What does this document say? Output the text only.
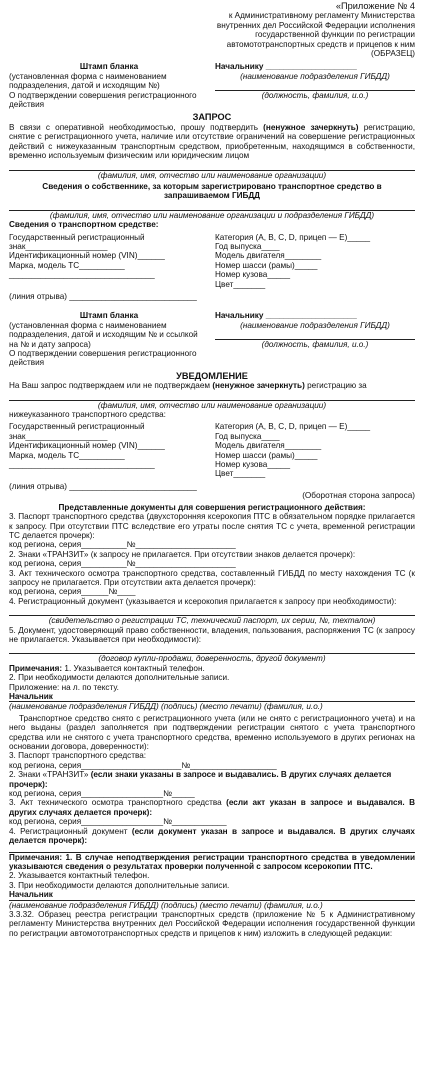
«Приложение № 4
к Административному регламенту Министерства
внутренних дел Российской Федерации исполнения
государственной функции по регистрации
автомототранспортных средств и прицепов к ним
(ОБРАЗЕЦ)
Штамп бланка
(установленная форма с наименованием подразделения, датой и исходящим №)
О подтверждении совершения регистрационного действия
Начальнику ____________________
(наименование подразделения ГИБДД)
(должность, фамилия, и.о.)
ЗАПРОС

В связи с оперативной необходимостью, прошу подтвердить (ненужное зачеркнуть) регистрацию, снятие с регистрационного учета, наличие или отсутствие ограничений на совершение регистрационных действий с нижеуказанным транспортным средством, приобретенным, находящимся в собственности, временно используемым физическим или юридическим лицом

(фамилия, имя, отчество или наименование организации)
Сведения о собственнике, за которым зарегистрировано транспортное средство в запрашиваемом ГИБДД
(фамилия, имя, отчество или наименование организации и подразделения ГИБДД)
Сведения о транспортном средстве:
Государственный регистрационный
знак__________________
Идентификационный номер (VIN)______
Марка, модель ТС__________
________________________________
Категория (A, B, C, D, прицеп — E)_____
Год выпуска____
Модель двигателя________
Номер шасси (рамы)_____
Номер кузова_____
Цвет_______
(линия отрыва) ____________________________
Штамп бланка
(установленная форма с наименованием подразделения, датой и исходящим № и ссылкой на № и дату запроса)
О подтверждении совершения регистрационного действия
Начальнику ____________________
(наименование подразделения ГИБДД)
(должность, фамилия, и.о.)
УВЕДОМЛЕНИЕ

На Ваш запрос подтверждаем или не подтверждаем (ненужное зачеркнуть) регистрацию за

(фамилия, имя, отчество или наименование организации)
нижеуказанного транспортного средства:
Государственный регистрационный
знак__________________
Идентификационный номер (VIN)______
Марка, модель ТС__________
________________________________
Категория (A, B, C, D, прицеп — E)_____
Год выпуска____
Модель двигателя________
Номер шасси (рамы)_____
Номер кузова_____
Цвет_______
(линия отрыва) ____________________________
(Оборотная сторона запроса)
Представленные документы для совершения регистрационного действия:

3. Паспорт транспортного средства (двухсторонняя ксерокопия ПТС в обязательном порядке прилагается к запросу. При отсутствии ПТС вследствие его утраты после снятия ТС с учета, временной регистрации ТС делается прочерк):

код региона, серия__________№______________________

2. Знаки «ТРАНЗИТ» (к запросу не прилагается. При отсутствии знаков делается прочерк):

код региона, серия__________№______________________

3. Акт технического осмотра транспортного средства, составленный ГИБДД по месту нахождения ТС (к запросу не прилагается. При отсутствии акта делается прочерк):

код региона, серия______№____

4. Регистрационный документ (указывается и ксерокопия прилагается к запросу при необходимости):

(свидетельство о регистрации ТС, технический паспорт, их серии, №, техталон)

5. Документ, удостоверяющий право собственности, владения, пользования, распоряжения ТС (к запросу не прилагается. Указывается при необходимости):

(договор купли-продажи, доверенность, другой документ)
Примечания: 1. Указывается контактный телефон.
2. При необходимости делаются дополнительные записи.
Приложение: на л. по тексту.
Начальник
(наименование подразделения ГИБДД) (подпись) (место печати) (фамилия, и.о.)

Транспортное средство снято с регистрационного учета (или не снято с регистрационного учета) и на него выданы (раздел заполняется при подтверждении регистрации снятого с учета транспортного средства или не снятого с учета транспортного средства, временно используемого в других регионах на основании договора, доверенности):

3. Паспорт транспортного средства:
код региона, серия______________________№___________________

2. Знаки «ТРАНЗИТ» (если знаки указаны в запросе и выдавались. В других случаях делается прочерк):

код региона, серия__________________№_____

3. Акт технического осмотра транспортного средства (если акт указан в запросе и выдавался. В других случаях делается прочерк):

код региона, серия__________________№____________

4. Регистрационный документ (если документ указан в запросе и выдавался. В других случаях делается прочерк):

Примечания: 1. В случае неподтверждения регистрации транспортного средства в уведомлении указываются сведения о результатах проверки полученной с запросом ксерокопии ПТС.

2. Указывается контактный телефон.
3. При необходимости делаются дополнительные записи.
Начальник
(наименование подразделения ГИБДД) (подпись) (место печати) (фамилия, и.о.)

3.3.32. Образец реестра регистрации транспортных средств (приложение № 5 к Административному регламенту Министерства внутренних дел Российской Федерации исполнения государственной функции по регистрации автомототранспортных средств и прицепов к ним) изложить в следующей редакции:
